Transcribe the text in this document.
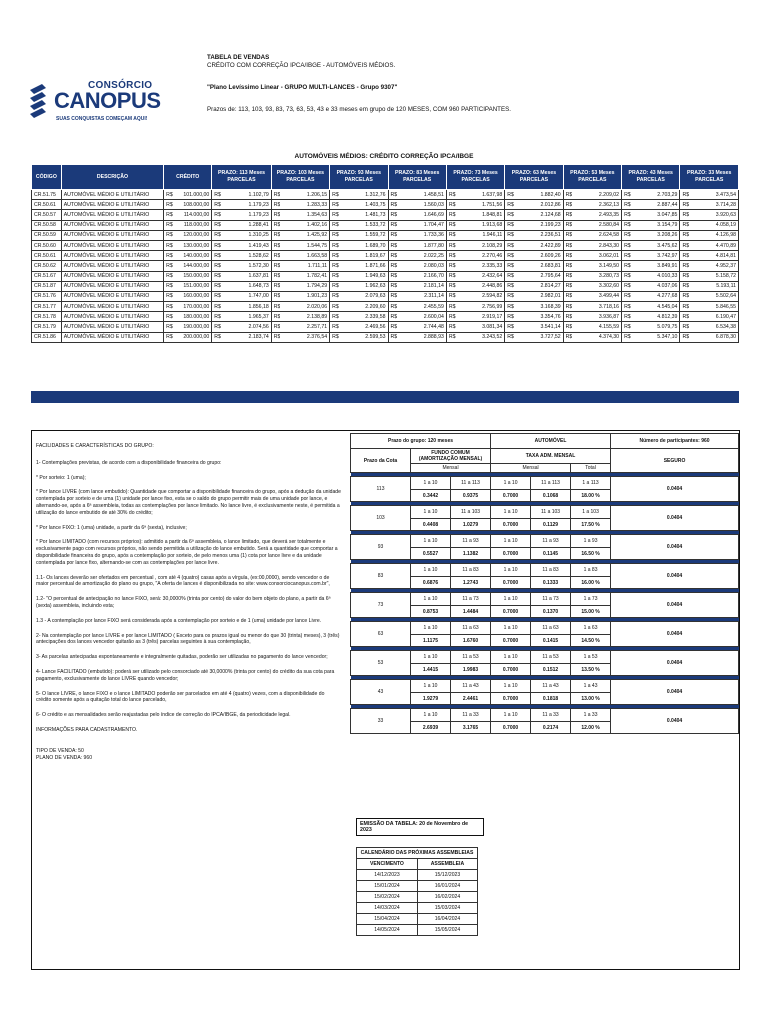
CONSÓRCIO
CANOPUS
SUAS CONQUISTAS COMEÇAM AQUI!
TABELA DE VENDAS
CRÉDITO COM CORREÇÃO IPCA/IBGE - AUTOMÓVEIS MÉDIOS.
"Plano Levíssimo Linear - GRUPO MULTI-LANCES - Grupo 9307"
Prazos de: 113, 103, 93, 83, 73, 63, 53, 43 e 33 meses em grupo de 120 MESES, COM 960 PARTICIPANTES.
AUTOMÓVEIS MÉDIOS: CRÉDITO CORREÇÃO IPCA/IBGE
CÓDIGO	DESCRIÇÃO	CRÉDITO		PRAZO: 113 Meses PARCELAS		PRAZO: 103 Meses PARCELAS		PRAZO: 93 Meses PARCELAS		PRAZO: 83 Meses PARCELAS		PRAZO: 73 Meses PARCELAS		PRAZO: 63 Meses PARCELAS		PRAZO: 53 Meses PARCELAS		PRAZO: 43 Meses PARCELAS		PRAZO: 33 Meses PARCELAS	
CR.51.75	AUTOMÓVEL MÉDIO E UTILITÁRIO	R$	101.000,00	R$	1.102,79	R$	1.206,15	R$	1.312,76	R$	1.458,51	R$	1.637,98	R$	1.882,40	R$	2.209,02	R$	2.703,29	R$	3.473,54
CR.50.61	AUTOMÓVEL MÉDIO E UTILITÁRIO	R$	108.000,00	R$	1.179,23	R$	1.283,33	R$	1.403,75	R$	1.560,03	R$	1.751,56	R$	2.012,86	R$	2.362,13	R$	2.887,44	R$	3.714,28
CR.50.57	AUTOMÓVEL MÉDIO E UTILITÁRIO	R$	114.000,00	R$	1.179,23	R$	1.354,63	R$	1.481,73	R$	1.646,69	R$	1.848,81	R$	2.124,68	R$	2.493,35	R$	3.047,85	R$	3.920,63
CR.50.58	AUTOMÓVEL MÉDIO E UTILITÁRIO	R$	118.000,00	R$	1.288,41	R$	1.402,16	R$	1.533,72	R$	1.704,47	R$	1.913,68	R$	2.199,23	R$	2.580,84	R$	3.154,79	R$	4.058,19
CR.50.59	AUTOMÓVEL MÉDIO E UTILITÁRIO	R$	120.000,00	R$	1.310,25	R$	1.425,92	R$	1.559,72	R$	1.733,36	R$	1.946,11	R$	2.236,51	R$	2.624,58	R$	3.208,26	R$	4.126,98
CR.50.60	AUTOMÓVEL MÉDIO E UTILITÁRIO	R$	130.000,00	R$	1.419,43	R$	1.544,75	R$	1.689,70	R$	1.877,80	R$	2.108,29	R$	2.422,89	R$	2.843,30	R$	3.475,62	R$	4.470,89
CR.50.61	AUTOMÓVEL MÉDIO E UTILITÁRIO	R$	140.000,00	R$	1.528,62	R$	1.663,58	R$	1.819,67	R$	2.022,25	R$	2.270,46	R$	2.609,26	R$	3.062,01	R$	3.742,97	R$	4.814,81
CR.50.62	AUTOMÓVEL MÉDIO E UTILITÁRIO	R$	144.000,00	R$	1.572,30	R$	1.711,11	R$	1.871,66	R$	2.080,03	R$	2.335,33	R$	2.683,81	R$	3.149,50	R$	3.849,91	R$	4.952,37
CR.51.67	AUTOMÓVEL MÉDIO E UTILITÁRIO	R$	150.000,00	R$	1.637,81	R$	1.782,41	R$	1.949,63	R$	2.166,70	R$	2.432,64	R$	2.795,64	R$	3.280,73	R$	4.010,33	R$	5.158,72
CR.51.87	AUTOMÓVEL MÉDIO E UTILITÁRIO	R$	151.000,00	R$	1.648,73	R$	1.794,29	R$	1.962,63	R$	2.181,14	R$	2.448,86	R$	2.814,27	R$	3.302,60	R$	4.037,06	R$	5.193,11
CR.51.76	AUTOMÓVEL MÉDIO E UTILITÁRIO	R$	160.000,00	R$	1.747,00	R$	1.901,23	R$	2.079,63	R$	2.311,14	R$	2.594,82	R$	2.982,01	R$	3.499,44	R$	4.277,68	R$	5.502,64
CR.51.77	AUTOMÓVEL MÉDIO E UTILITÁRIO	R$	170.000,00	R$	1.856,18	R$	2.020,06	R$	2.209,60	R$	2.455,59	R$	2.756,99	R$	3.168,39	R$	3.718,16	R$	4.545,04	R$	5.846,55
CR.51.78	AUTOMÓVEL MÉDIO E UTILITÁRIO	R$	180.000,00	R$	1.965,37	R$	2.138,89	R$	2.339,58	R$	2.600,04	R$	2.919,17	R$	3.354,76	R$	3.936,87	R$	4.812,39	R$	6.190,47
CR.51.79	AUTOMÓVEL MÉDIO E UTILITÁRIO	R$	190.000,00	R$	2.074,56	R$	2.257,71	R$	2.469,56	R$	2.744,48	R$	3.081,34	R$	3.541,14	R$	4.155,59	R$	5.079,75	R$	6.534,38
CR.51.86	AUTOMÓVEL MÉDIO E UTILITÁRIO	R$	200.000,00	R$	2.183,74	R$	2.376,54	R$	2.599,53	R$	2.888,93	R$	3.243,52	R$	3.727,52	R$	4.374,30	R$	5.347,10	R$	6.878,30

FACILIDADES E CARACTERÍSTICAS DO GRUPO:

1- Contemplações previstas, de acordo com a disponibilidade financeira do grupo:

* Por sorteio: 1 (uma);

* Por lance LIVRE (com lance embutido): Quantidade que comportar a disponibilidade financeira do grupo, após a dedução da unidade contemplada por sorteio e de uma (1) unidade por lance fixo, esta se o saldo do grupo permitir mais de uma unidade por lance, e alternando-se, após a 6ª assembleia, todas as contemplações por lance limitado. No lance livre, é exclusivamente neste, é permitida a utilização do lance embutido de até 30% do crédito;

* Por lance FIXO: 1 (uma) unidade, a partir da 6ª (sexta), inclusive;

* Por lance LIMITADO (com recursos próprios): admitido a partir da 6ª assembleia, o lance limitado, que deverá ser totalmente e exclusivamente pago com recursos próprios, não sendo permitida a utilização do lance embutido. Será a quantidade que comportar a disponibilidade financeira do grupo, após a contemplação por sorteio, de pelo menos uma (1) cota por lance livre e da unidade contemplada por lance fixo, alternando-se com as contemplações por lance livre.

1.1- Os lances deverão ser ofertados em percentual , com até 4 (quatro) casas após a vírgula, (ex:00,0000), sendo vencedor o de maior percentual de amortização do plano ou grupo, "A oferta de lances é disponibilizada no site: www.consorciocanopus.com.br",

1.2- "O percentual de antecipação no lance FIXO, será: 30,0000% (trinta por cento) do valor do bem objeto do plano, a partir da 6ª (sexta) assembleia, incluindo esta;

1.3 - A contemplação por lance FIXO será considerada após a contemplação por sorteio e de 1 (uma) unidade por lance Livre.

2- Na contemplação por lance LIVRE e por lance LIMITADO ( Exceto para os prazos igual ou menor do que 30 (trinta) meses), 3 (três) antecipações dos lances vencedor quitarão as 3 (três) parcelas seguintes à sua contemplação,

3- As parcelas antecipadas espontaneamente e integralmente quitadas, poderão ser utilizadas no pagamento do lance vencedor;

4- Lance FACILITADO (embutido): poderá ser utilizado pelo consorciado até 30,0000% (trinta por cento) do crédito da sua cota para pagamento, exclusivamente do lance LIVRE quando vencedor;

5- O lance LIVRE, o lance FIXO e o lance LIMITADO poderão ser parcelados em até 4 (quatro) vezes, com a disponibilidade do crédito somente após a quitação total do lance parcelado,

6- O crédito e as mensalidades serão reajustadas pelo índice de correção do IPCA/IBGE, da periodicidade legal.

INFORMAÇÕES PARA CADASTRAMENTO.

TIPO DE VENDA: 50

PLANO DE VENDA: 960

Prazo do grupo: 120 meses			AUTOMÓVEL			Número de participantes: 960
Prazo da Cota	FUNDO COMUM (AMORTIZAÇÃO MENSAL)		TAXA ADM. MENSAL			SEGURO
	Mensal		Mensal		Total	

113	1 a 10	11 a 113	1 a 10	11 a 113	1 a 113	0.0404
	0.3442	0.9375	0.7000	0.1068	18.00 %	

103	1 a 10	11 a 103	1 a 10	11 a 103	1 a 103	0.0404
	0.4408	1.0279	0.7000	0.1129	17.50 %	

93	1 a 10	11 a 93	1 a 10	11 a 93	1 a 93	0.0404
	0.5527	1.1382	0.7000	0.1145	16.50 %	

83	1 a 10	11 a 83	1 a 10	11 a 83	1 a 83	0.0404
	0.6876	1.2743	0.7000	0.1333	16.00 %	

73	1 a 10	11 a 73	1 a 10	11 a 73	1 a 73	0.0404
	0.8753	1.4484	0.7000	0.1370	15.00 %	

63	1 a 10	11 a 63	1 a 10	11 a 63	1 a 63	0.0404
	1.1175	1.6760	0.7000	0.1415	14.50 %	

53	1 a 10	11 a 53	1 a 10	11 a 53	1 a 53	0.0404
	1.4415	1.9983	0.7000	0.1512	13.50 %	

43	1 a 10	11 a 43	1 a 10	11 a 43	1 a 43	0.0404
	1.9279	2.4461	0.7000	0.1818	13.00 %	

33	1 a 10	11 a 33	1 a 10	11 a 33	1 a 33	0.0404
	2.6939	3.1765	0.7000	0.2174	12.00 %	
EMISSÃO DA TABELA: 20 de Novembro de 2023
CALENDÁRIO DAS PRÓXIMAS ASSEMBLEIAS	
VENCIMENTO	ASSEMBLEIA
14/12/2023	15/12/2023
15/01/2024	16/01/2024
15/02/2024	16/02/2024
14/03/2024	15/03/2024
15/04/2024	16/04/2024
14/05/2024	15/05/2024
